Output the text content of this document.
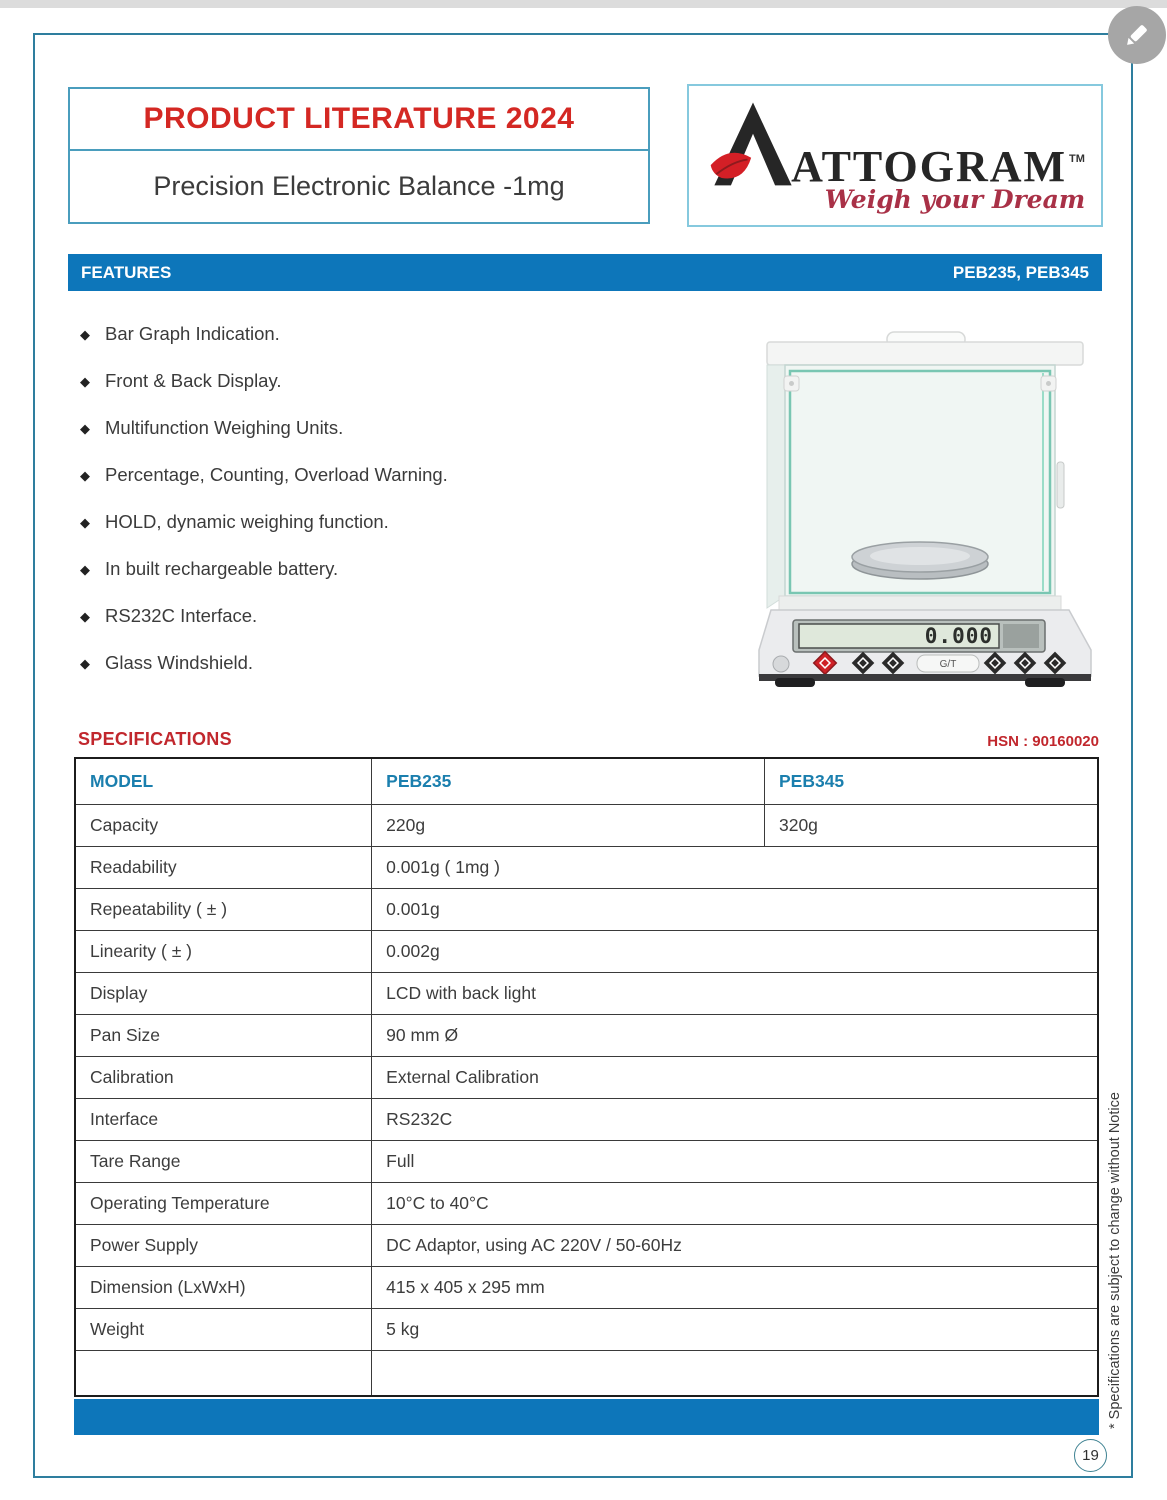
PRODUCT LITERATURE 2024
Precision Electronic Balance -1mg	ATTOGRAM TM
Weigh your Dream
FEATURES	PEB235, PEB345
◆ Bar Graph Indication.
◆ Front & Back Display.
◆ Multifunction Weighing Units.
◆ Percentage, Counting, Overload Warning.
◆ HOLD, dynamic weighing function.
◆ In built rechargeable battery.
◆ RS232C Interface.
◆ Glass Windshield.
0.000
G/T
SPECIFICATIONS	HSN : 90160020
MODEL	PEB235	PEB345
Capacity	220g	320g
Readability	0.001g ( 1mg )	
Repeatability ( ± )	0.001g	
Linearity ( ± )	0.002g	
Display	LCD with back light	
Pan Size	90 mm Ø	
Calibration	External Calibration	
Interface	RS232C	
Tare Range	Full	
Operating Temperature	10°C to 40°C	
Power Supply	DC Adaptor, using AC 220V / 50-60Hz	
Dimension (LxWxH)	415 x 405 x 295 mm	
Weight	5 kg	
		* Specifications are subject to change without Notice
19
